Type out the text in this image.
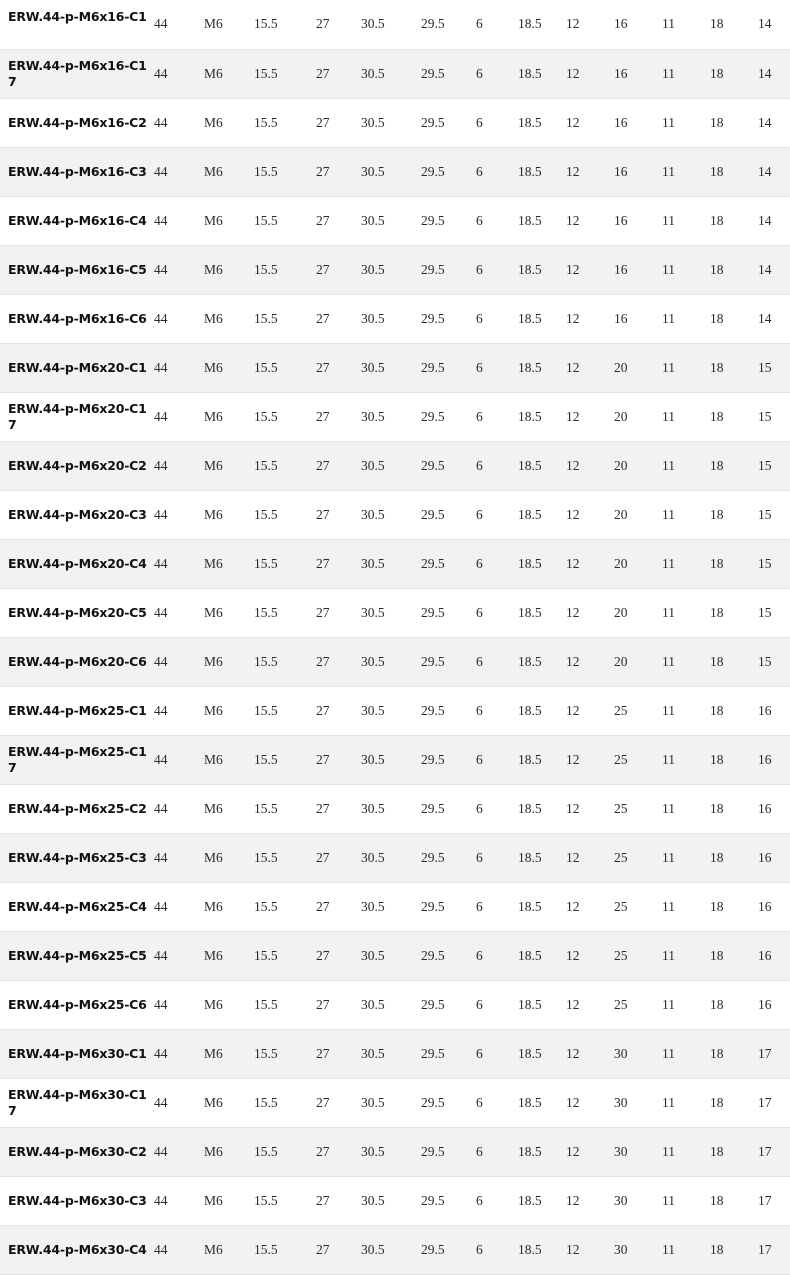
ERW.44-p-M6x16-C1	44	M6	15.5	27	30.5	29.5	6	18.5	12	16	11	18	14
ERW.44-p-M6x16-C17	44	M6	15.5	27	30.5	29.5	6	18.5	12	16	11	18	14
ERW.44-p-M6x16-C2	44	M6	15.5	27	30.5	29.5	6	18.5	12	16	11	18	14
ERW.44-p-M6x16-C3	44	M6	15.5	27	30.5	29.5	6	18.5	12	16	11	18	14
ERW.44-p-M6x16-C4	44	M6	15.5	27	30.5	29.5	6	18.5	12	16	11	18	14
ERW.44-p-M6x16-C5	44	M6	15.5	27	30.5	29.5	6	18.5	12	16	11	18	14
ERW.44-p-M6x16-C6	44	M6	15.5	27	30.5	29.5	6	18.5	12	16	11	18	14
ERW.44-p-M6x20-C1	44	M6	15.5	27	30.5	29.5	6	18.5	12	20	11	18	15
ERW.44-p-M6x20-C17	44	M6	15.5	27	30.5	29.5	6	18.5	12	20	11	18	15
ERW.44-p-M6x20-C2	44	M6	15.5	27	30.5	29.5	6	18.5	12	20	11	18	15
ERW.44-p-M6x20-C3	44	M6	15.5	27	30.5	29.5	6	18.5	12	20	11	18	15
ERW.44-p-M6x20-C4	44	M6	15.5	27	30.5	29.5	6	18.5	12	20	11	18	15
ERW.44-p-M6x20-C5	44	M6	15.5	27	30.5	29.5	6	18.5	12	20	11	18	15
ERW.44-p-M6x20-C6	44	M6	15.5	27	30.5	29.5	6	18.5	12	20	11	18	15
ERW.44-p-M6x25-C1	44	M6	15.5	27	30.5	29.5	6	18.5	12	25	11	18	16
ERW.44-p-M6x25-C17	44	M6	15.5	27	30.5	29.5	6	18.5	12	25	11	18	16
ERW.44-p-M6x25-C2	44	M6	15.5	27	30.5	29.5	6	18.5	12	25	11	18	16
ERW.44-p-M6x25-C3	44	M6	15.5	27	30.5	29.5	6	18.5	12	25	11	18	16
ERW.44-p-M6x25-C4	44	M6	15.5	27	30.5	29.5	6	18.5	12	25	11	18	16
ERW.44-p-M6x25-C5	44	M6	15.5	27	30.5	29.5	6	18.5	12	25	11	18	16
ERW.44-p-M6x25-C6	44	M6	15.5	27	30.5	29.5	6	18.5	12	25	11	18	16
ERW.44-p-M6x30-C1	44	M6	15.5	27	30.5	29.5	6	18.5	12	30	11	18	17
ERW.44-p-M6x30-C17	44	M6	15.5	27	30.5	29.5	6	18.5	12	30	11	18	17
ERW.44-p-M6x30-C2	44	M6	15.5	27	30.5	29.5	6	18.5	12	30	11	18	17
ERW.44-p-M6x30-C3	44	M6	15.5	27	30.5	29.5	6	18.5	12	30	11	18	17
ERW.44-p-M6x30-C4	44	M6	15.5	27	30.5	29.5	6	18.5	12	30	11	18	17
